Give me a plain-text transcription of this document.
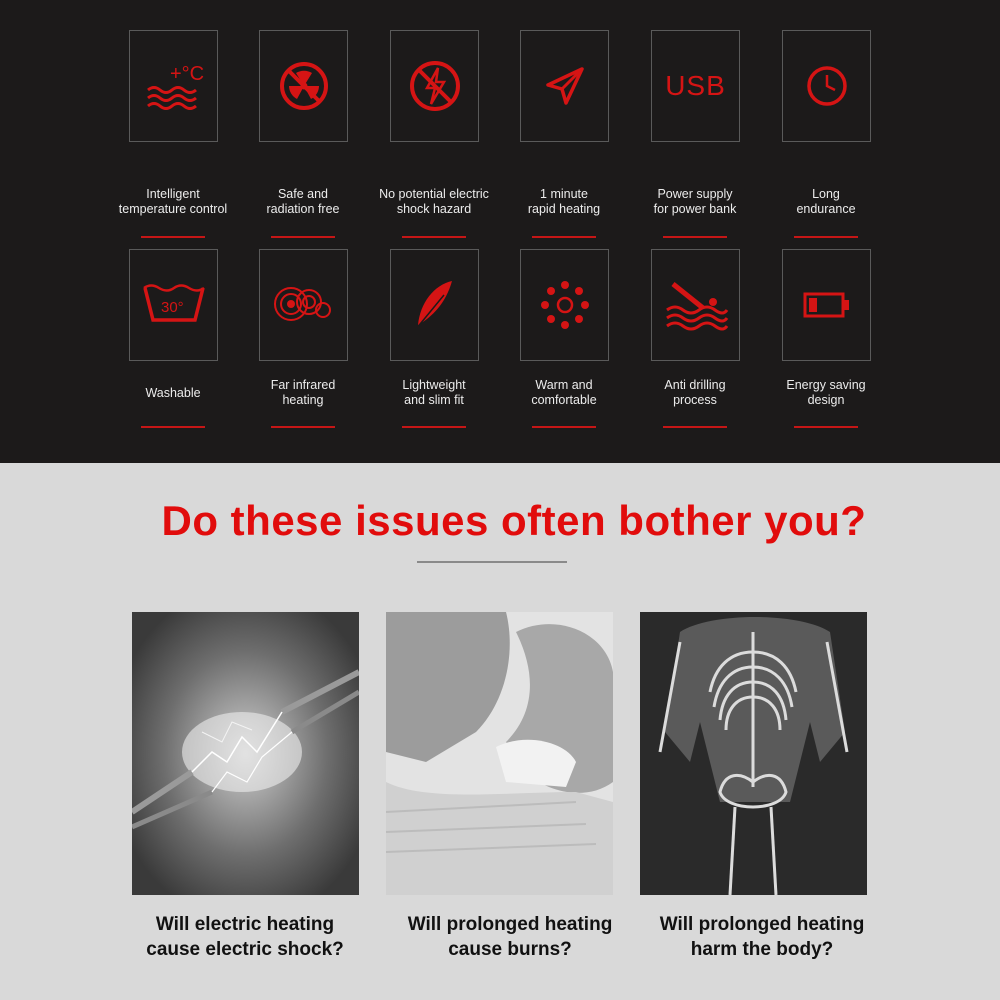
+°C
Intelligent
temperature control
Safe and
radiation free
No potential electric
shock hazard
1 minute
rapid heating
USB
Power supply
for power bank
Long
endurance
30°
Washable
Far infrared
heating
Lightweight
and slim fit
Warm and
comfortable
Anti drilling
process
Energy saving
design
Do these issues often bother you?
Will electric heating
cause electric shock?
Will prolonged heating
cause burns?
Will prolonged heating
harm the body?
